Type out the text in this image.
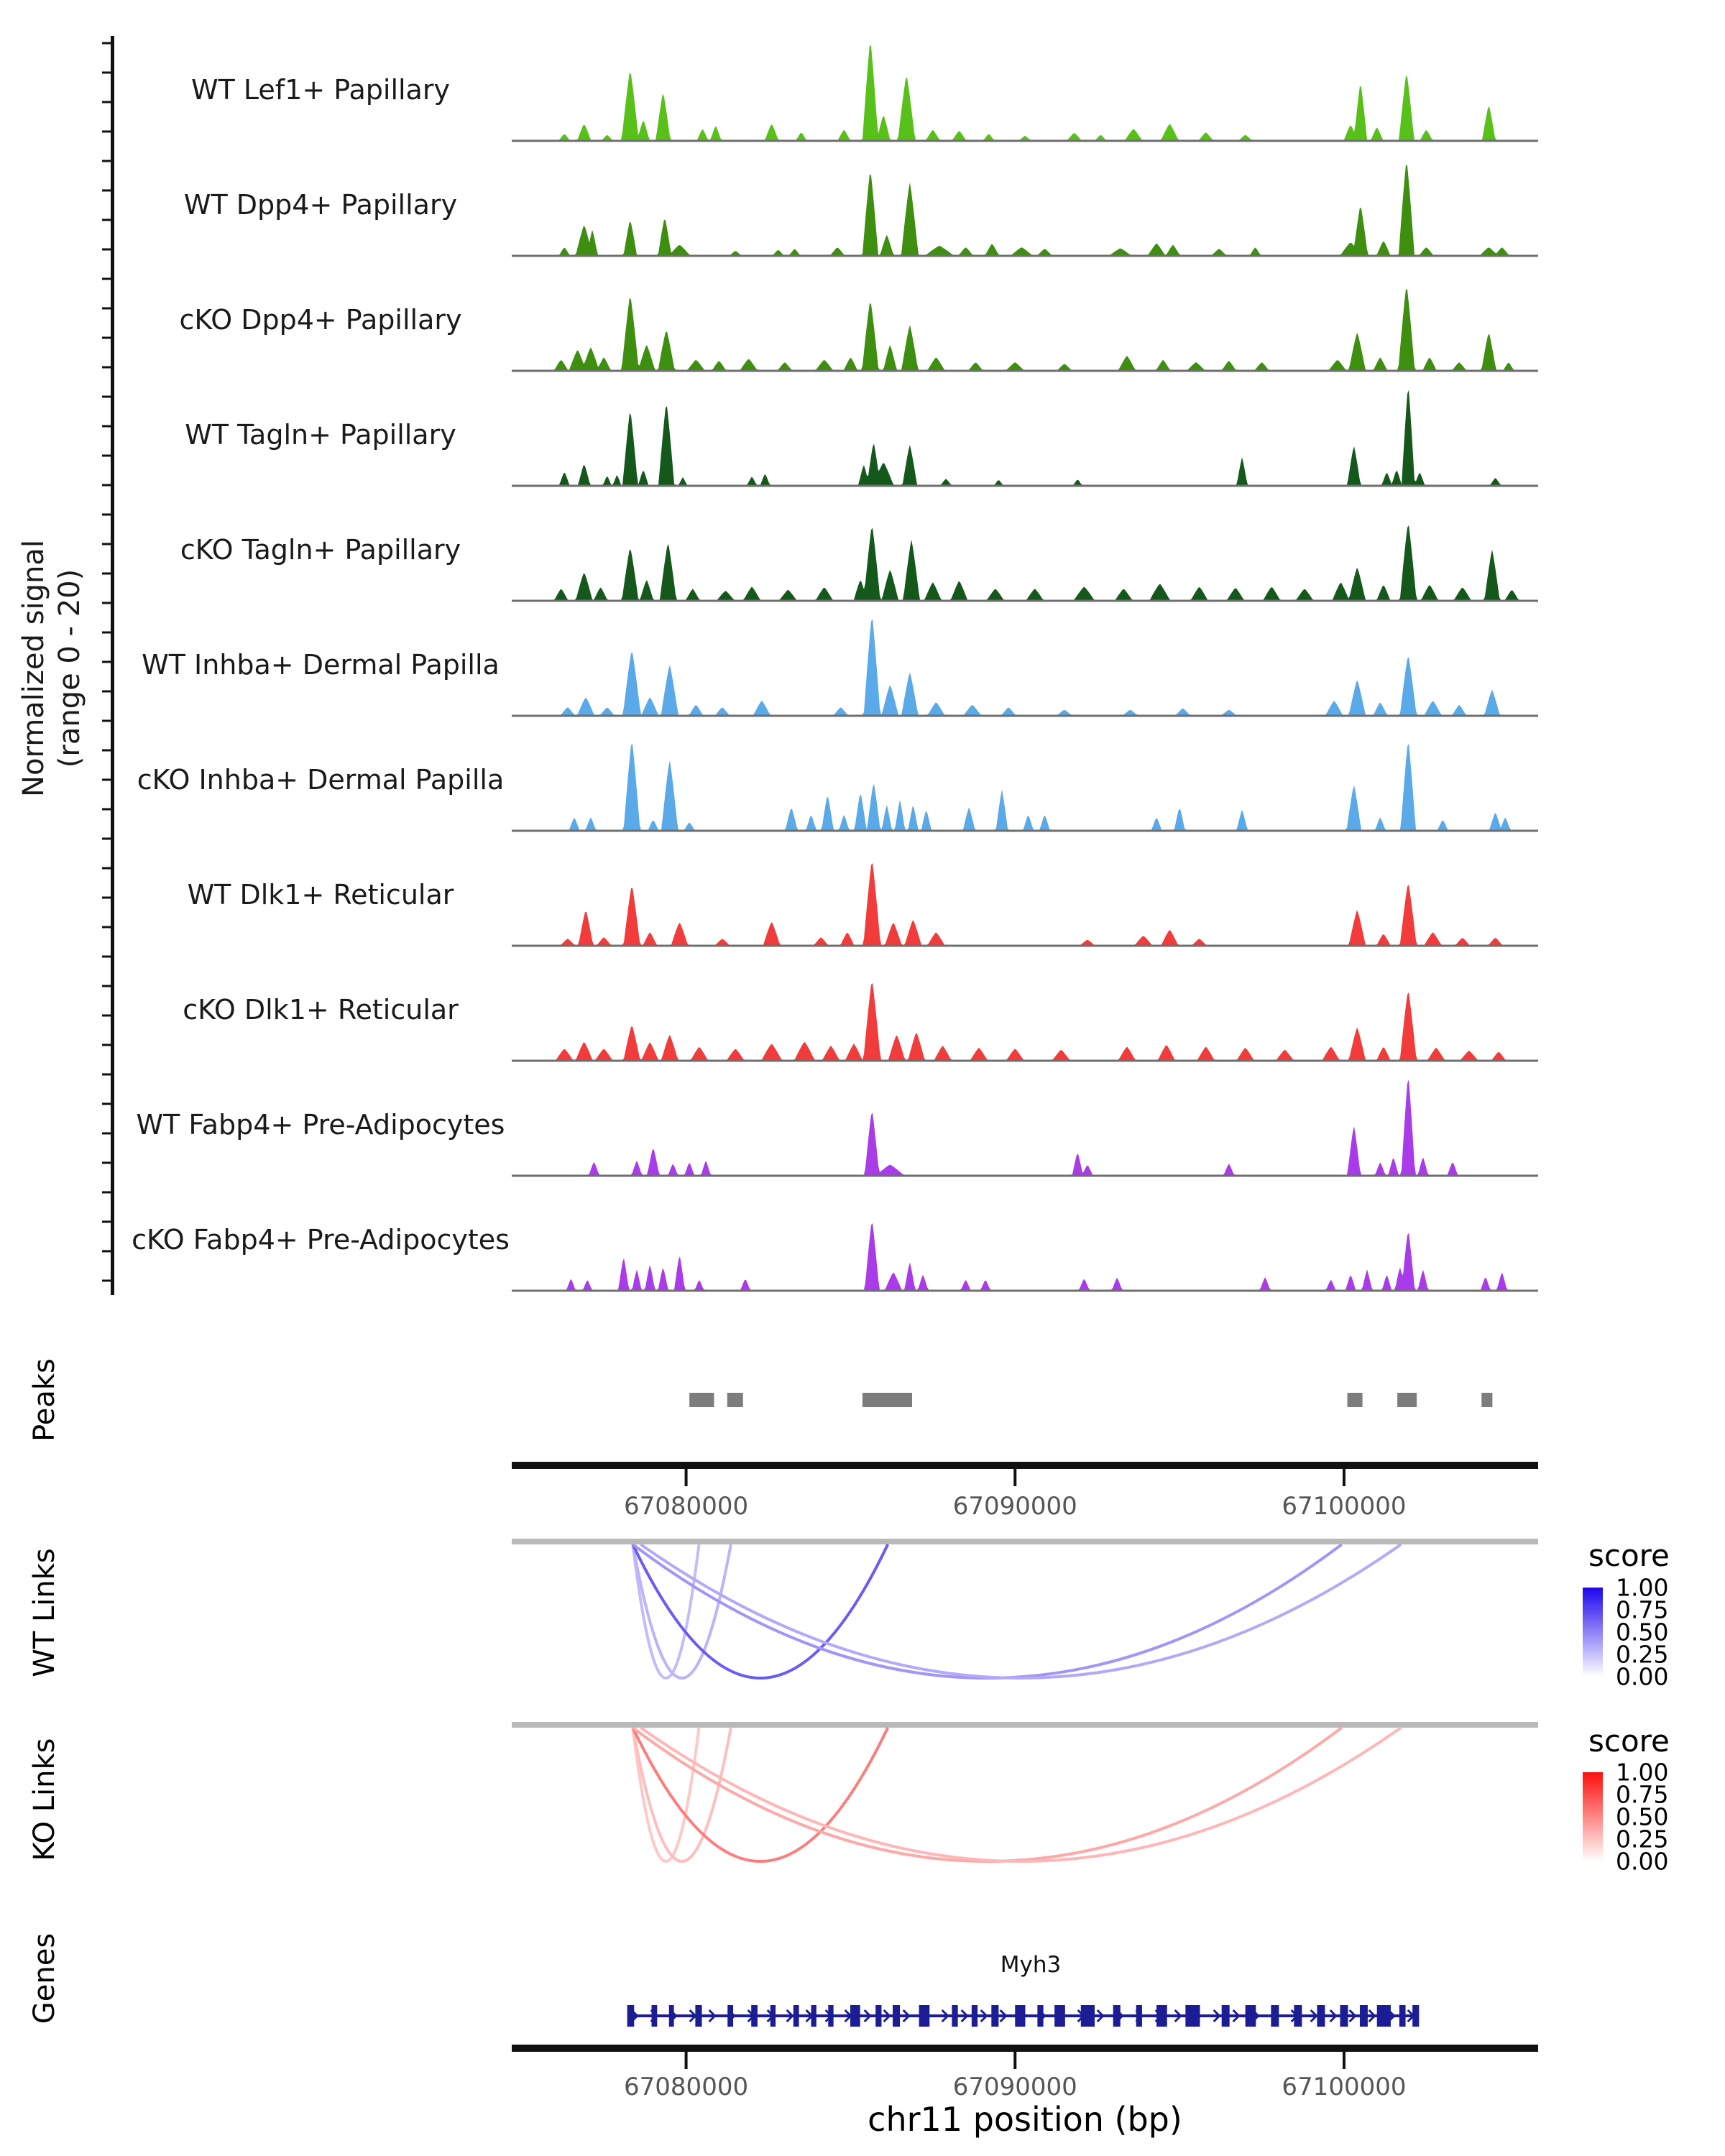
Normalized signal (range 0 - 20)
Peaks
WT Links
KO Links
Genes
score
score
Myh3
chr11 position (bp)
WT Lef1+ Papillary
WT Dpp4+ Papillary
cKO Dpp4+ Papillary
WT Tagln+ Papillary
cKO Tagln+ Papillary
WT Inhba+ Dermal Papilla
cKO Inhba+ Dermal Papilla
WT Dlk1+ Reticular
cKO Dlk1+ Reticular
WT Fabp4+ Pre-Adipocytes
cKO Fabp4+ Pre-Adipocytes
67080000	67090000	67100000
67080000	67090000	67100000
1.00
0.75
0.50
0.25
0.00
1.00
0.75
0.50
0.25
0.00
